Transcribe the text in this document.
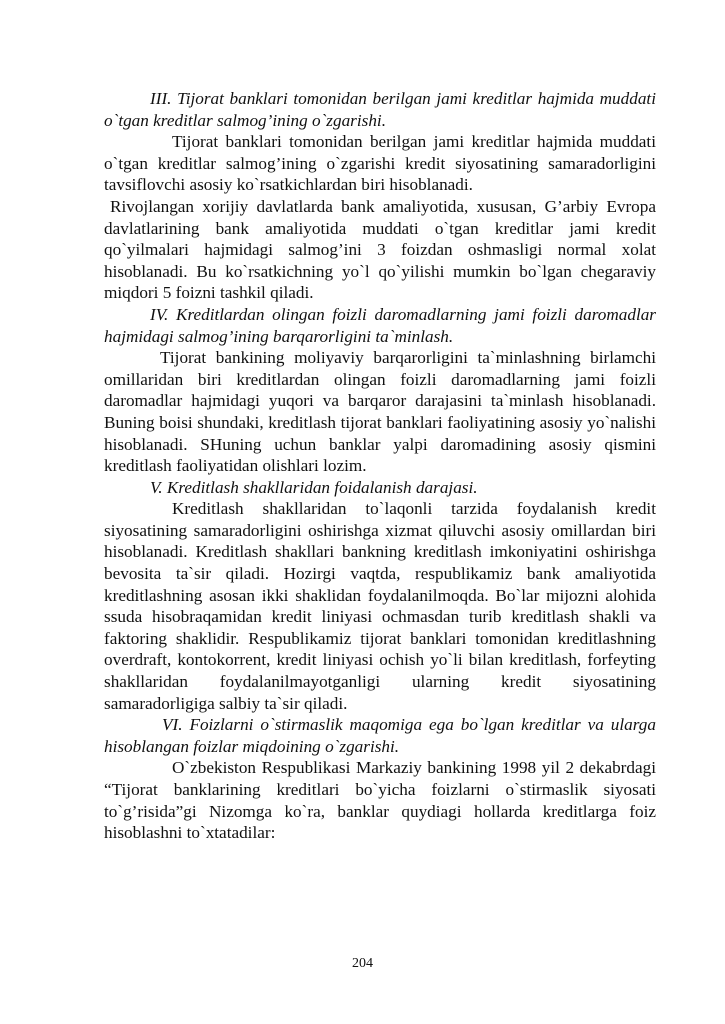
III. Tijorat banklari tomonidan berilgan jami kreditlar hajmida muddati o`tgan kreditlar salmog’ining o`zgarishi.

Tijorat banklari tomonidan berilgan jami kreditlar hajmida muddati o`tgan kreditlar salmog’ining o`zgarishi kredit siyosatining samaradorligini tavsiflovchi asosiy ko`rsatkichlardan biri hisoblanadi.

Rivojlangan xorijiy davlatlarda bank amaliyotida, xususan, G’arbiy Evropa davlatlarining bank amaliyotida muddati o`tgan kreditlar jami kredit qo`yilmalari hajmidagi salmog’ini 3 foizdan oshmasligi normal xolat hisoblanadi. Bu ko`rsatkichning yo`l qo`yilishi mumkin bo`lgan chegaraviy miqdori 5 foizni tashkil qiladi.

IV. Kreditlardan olingan foizli daromadlarning jami foizli daromadlar hajmidagi salmog’ining barqarorligini ta`minlash.

Tijorat bankining moliyaviy barqarorligini ta`minlashning birlamchi omillaridan biri kreditlardan olingan foizli daromadlarning jami foizli daromadlar hajmidagi yuqori va barqaror darajasini ta`minlash hisoblanadi. Buning boisi shundaki, kreditlash tijorat banklari faoliyatining asosiy yo`nalishi hisoblanadi. SHuning uchun banklar yalpi daromadining asosiy qismini kreditlash faoliyatidan olishlari lozim.

V. Kreditlash shakllaridan foidalanish darajasi.

Kreditlash shakllaridan to`laqonli tarzida foydalanish kredit siyosatining samaradorligini oshirishga xizmat qiluvchi asosiy omillardan biri hisoblanadi. Kreditlash shakllari bankning kreditlash imkoniyatini oshirishga bevosita ta`sir qiladi. Hozirgi vaqtda, respublikamiz bank amaliyotida kreditlashning asosan ikki shaklidan foydalanilmoqda. Bo`lar mijozni alohida ssuda hisobraqamidan kredit liniyasi ochmasdan turib kreditlash shakli va faktoring shaklidir. Respublikamiz tijorat banklari tomonidan kreditlashning overdraft, kontokorrent, kredit liniyasi ochish yo`li bilan kreditlash, forfeyting shakllaridan foydalanilmayotganligi ularning kredit siyosatining samaradorligiga salbiy ta`sir qiladi.

VI. Foizlarni o`stirmaslik maqomiga ega bo`lgan kreditlar va ularga hisoblangan foizlar miqdoining o`zgarishi.

O`zbekiston Respublikasi Markaziy bankining 1998 yil 2 dekabrdagi “Tijorat banklarining kreditlari bo`yicha foizlarni o`stirmaslik siyosati to`g’risida”gi Nizomga ko`ra, banklar quydiagi hollarda kreditlarga foiz hisoblashni to`xtatadilar:

204
